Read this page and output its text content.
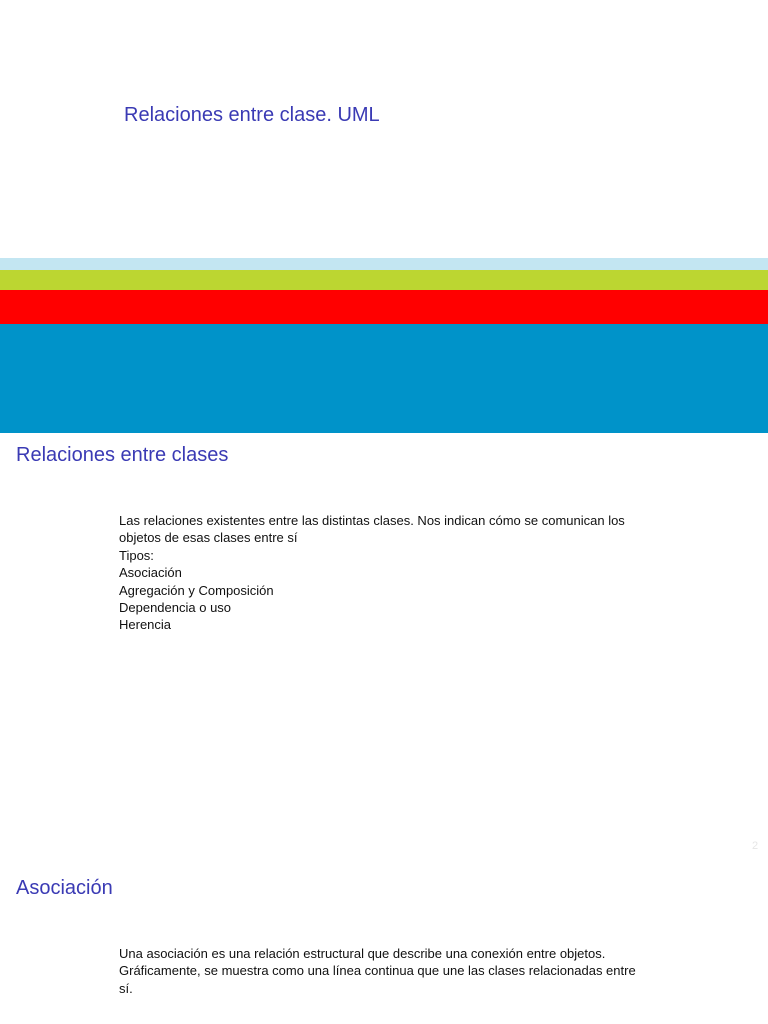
Relaciones entre clase. UML
Relaciones entre clases

Las relaciones existentes entre las distintas clases. Nos indican cómo se comunican los

objetos de esas clases entre sí

Tipos:

Asociación

Agregación y Composición

Dependencia o uso

Herencia

2
Asociación

Una asociación es una relación estructural que describe una conexión entre objetos.

Gráficamente, se muestra como una línea continua que une las clases relacionadas entre

sí.
